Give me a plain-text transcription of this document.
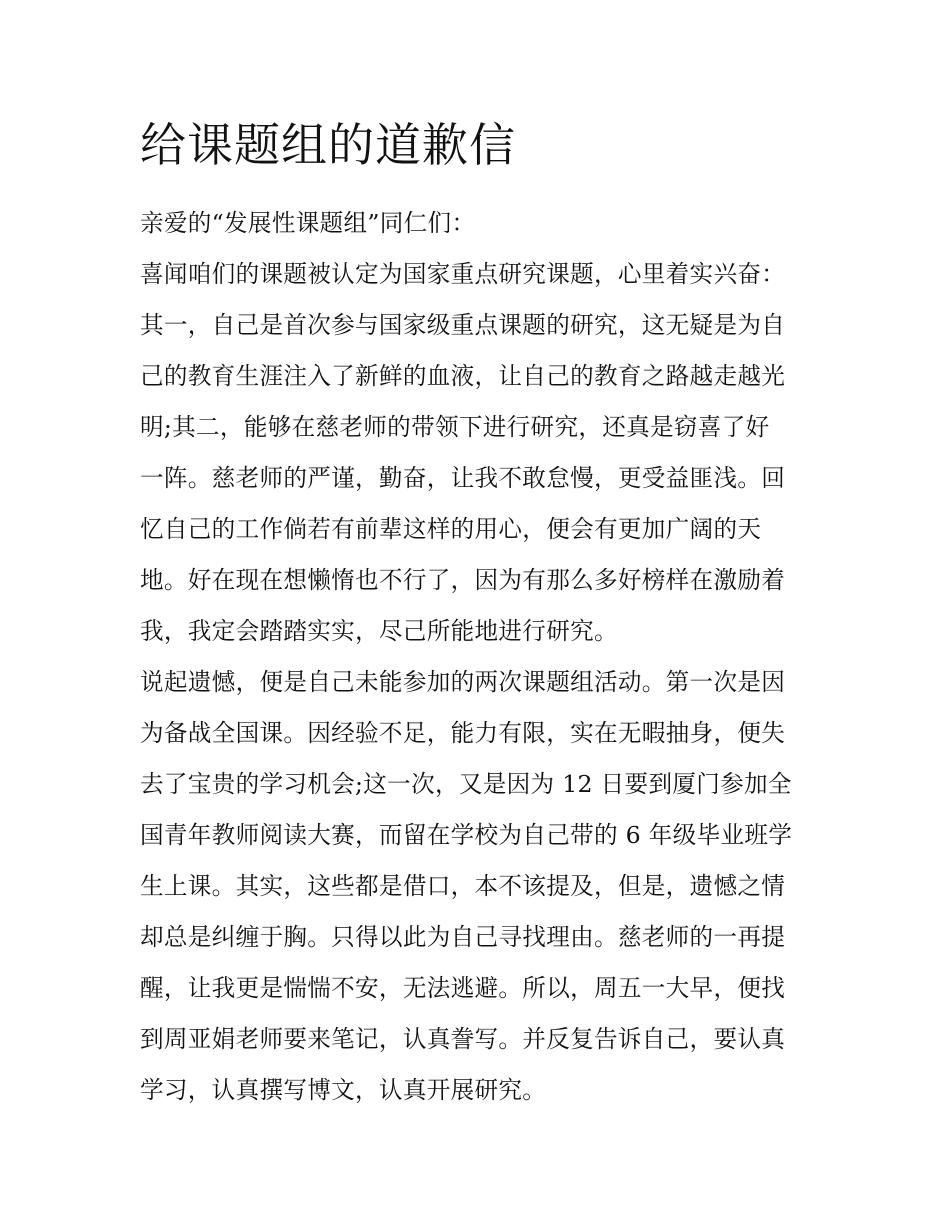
给课题组的道歉信
亲爱的“发展性课题组”同仁们：
喜闻咱们的课题被认定为国家重点研究课题，心里着实兴奋：
其一，自己是首次参与国家级重点课题的研究，这无疑是为自
己的教育生涯注入了新鲜的血液，让自己的教育之路越走越光
明;其二，能够在慈老师的带领下进行研究，还真是窃喜了好
一阵。慈老师的严谨，勤奋，让我不敢怠慢，更受益匪浅。回
忆自己的工作倘若有前辈这样的用心，便会有更加广阔的天
地。好在现在想懒惰也不行了，因为有那么多好榜样在激励着
我，我定会踏踏实实，尽己所能地进行研究。
说起遗憾，便是自己未能参加的两次课题组活动。第一次是因
为备战全国课。因经验不足，能力有限，实在无暇抽身，便失
去了宝贵的学习机会;这一次，又是因为 12 日要到厦门参加全
国青年教师阅读大赛，而留在学校为自己带的 6 年级毕业班学
生上课。其实，这些都是借口，本不该提及，但是，遗憾之情
却总是纠缠于胸。只得以此为自己寻找理由。慈老师的一再提
醒，让我更是惴惴不安，无法逃避。所以，周五一大早，便找
到周亚娟老师要来笔记，认真誊写。并反复告诉自己，要认真
学习，认真撰写博文，认真开展研究。
